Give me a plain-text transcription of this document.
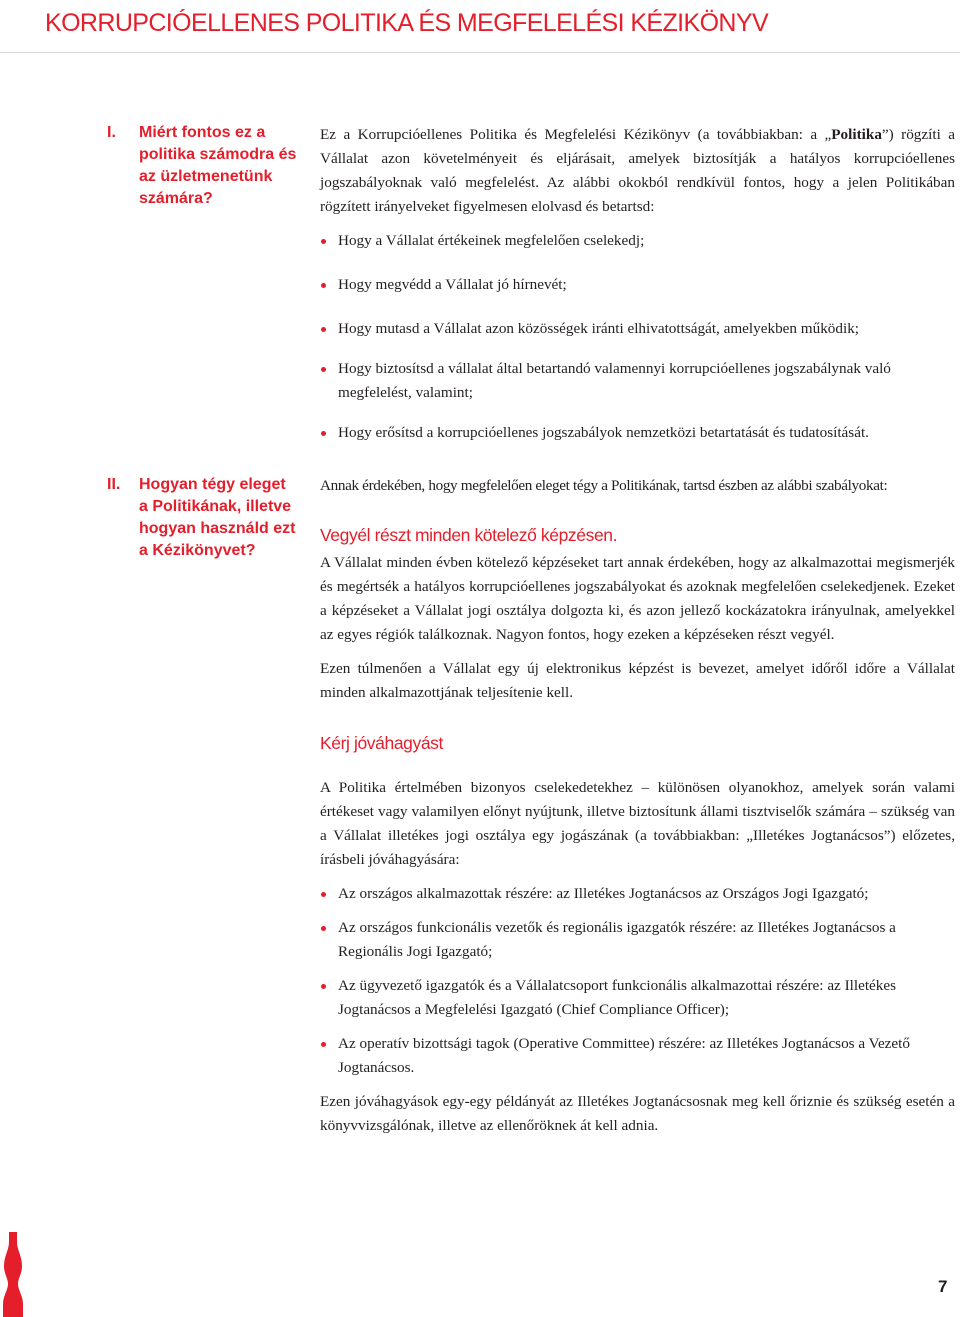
KORRUPCIÓELLENES POLITIKA ÉS MEGFELELÉSI KÉZIKÖNYV
I. Miért fontos ez a politika számodra és az üzletmenetünk számára?

Ez a Korrupcióellenes Politika és Megfelelési Kézikönyv (a továbbiakban: a „Politika”) rögzíti a Vállalat azon követelményeit és eljárásait, amelyek biztosítják a hatályos korrupcióellenes jogszabályoknak való megfelelést. Az alábbi okokból rendkívül fontos, hogy a jelen Politikában rögzített irányelveket figyelmesen elolvasd és betartsd:

Hogy a Vállalat értékeinek megfelelően cselekedj;
Hogy megvédd a Vállalat jó hírnevét;
Hogy mutasd a Vállalat azon közösségek iránti elhivatottságát, amelyekben működik;
Hogy biztosítsd a vállalat által betartandó valamennyi korrupcióellenes jogszabálynak való megfelelést, valamint;
Hogy erősítsd a korrupcióellenes jogszabályok nemzetközi betartatását és tudatosítását.
II. Hogyan tégy eleget a Politikának, illetve hogyan használd ezt a Kézikönyvet?

Annak érdekében, hogy megfelelően eleget tégy a Politikának, tartsd észben az alábbi szabályokat:

Vegyél részt minden kötelező képzésen.

A Vállalat minden évben kötelező képzéseket tart annak érdekében, hogy az alkalmazottai megismerjék és megértsék a hatályos korrupcióellenes jogszabályokat és azoknak megfelelően cselekedjenek. Ezeket a képzéseket a Vállalat jogi osztálya dolgozta ki, és azon jellező kockázatokra irányulnak, amelyekkel az egyes régiók találkoznak. Nagyon fontos, hogy ezeken a képzéseken részt vegyél.

Ezen túlmenően a Vállalat egy új elektronikus képzést is bevezet, amelyet időről időre a Vállalat minden alkalmazottjának teljesítenie kell.

Kérj jóváhagyást

A Politika értelmében bizonyos cselekedetekhez – különösen olyanokhoz, amelyek során valami értékeset vagy valamilyen előnyt nyújtunk, illetve biztosítunk állami tisztviselők számára – szükség van a Vállalat illetékes jogi osztálya egy jogászának (a továbbiakban: „Illetékes Jogtanácsos”) előzetes, írásbeli jóváhagyására:

Az országos alkalmazottak részére: az Illetékes Jogtanácsos az Országos Jogi Igazgató;
Az országos funkcionális vezetők és regionális igazgatók részére: az Illetékes Jogtanácsos a Regionális Jogi Igazgató;
Az ügyvezető igazgatók és a Vállalatcsoport funkcionális alkalmazottai részére: az Illetékes Jogtanácsos a Megfelelési Igazgató (Chief Compliance Officer);
Az operatív bizottsági tagok (Operative Committee) részére: az Illetékes Jogtanácsos a Vezető Jogtanácsos.

Ezen jóváhagyások egy-egy példányát az Illetékes Jogtanácsosnak meg kell őriznie és szükség esetén a könyvvizsgálónak, illetve az ellenőröknek át kell adnia.

7
